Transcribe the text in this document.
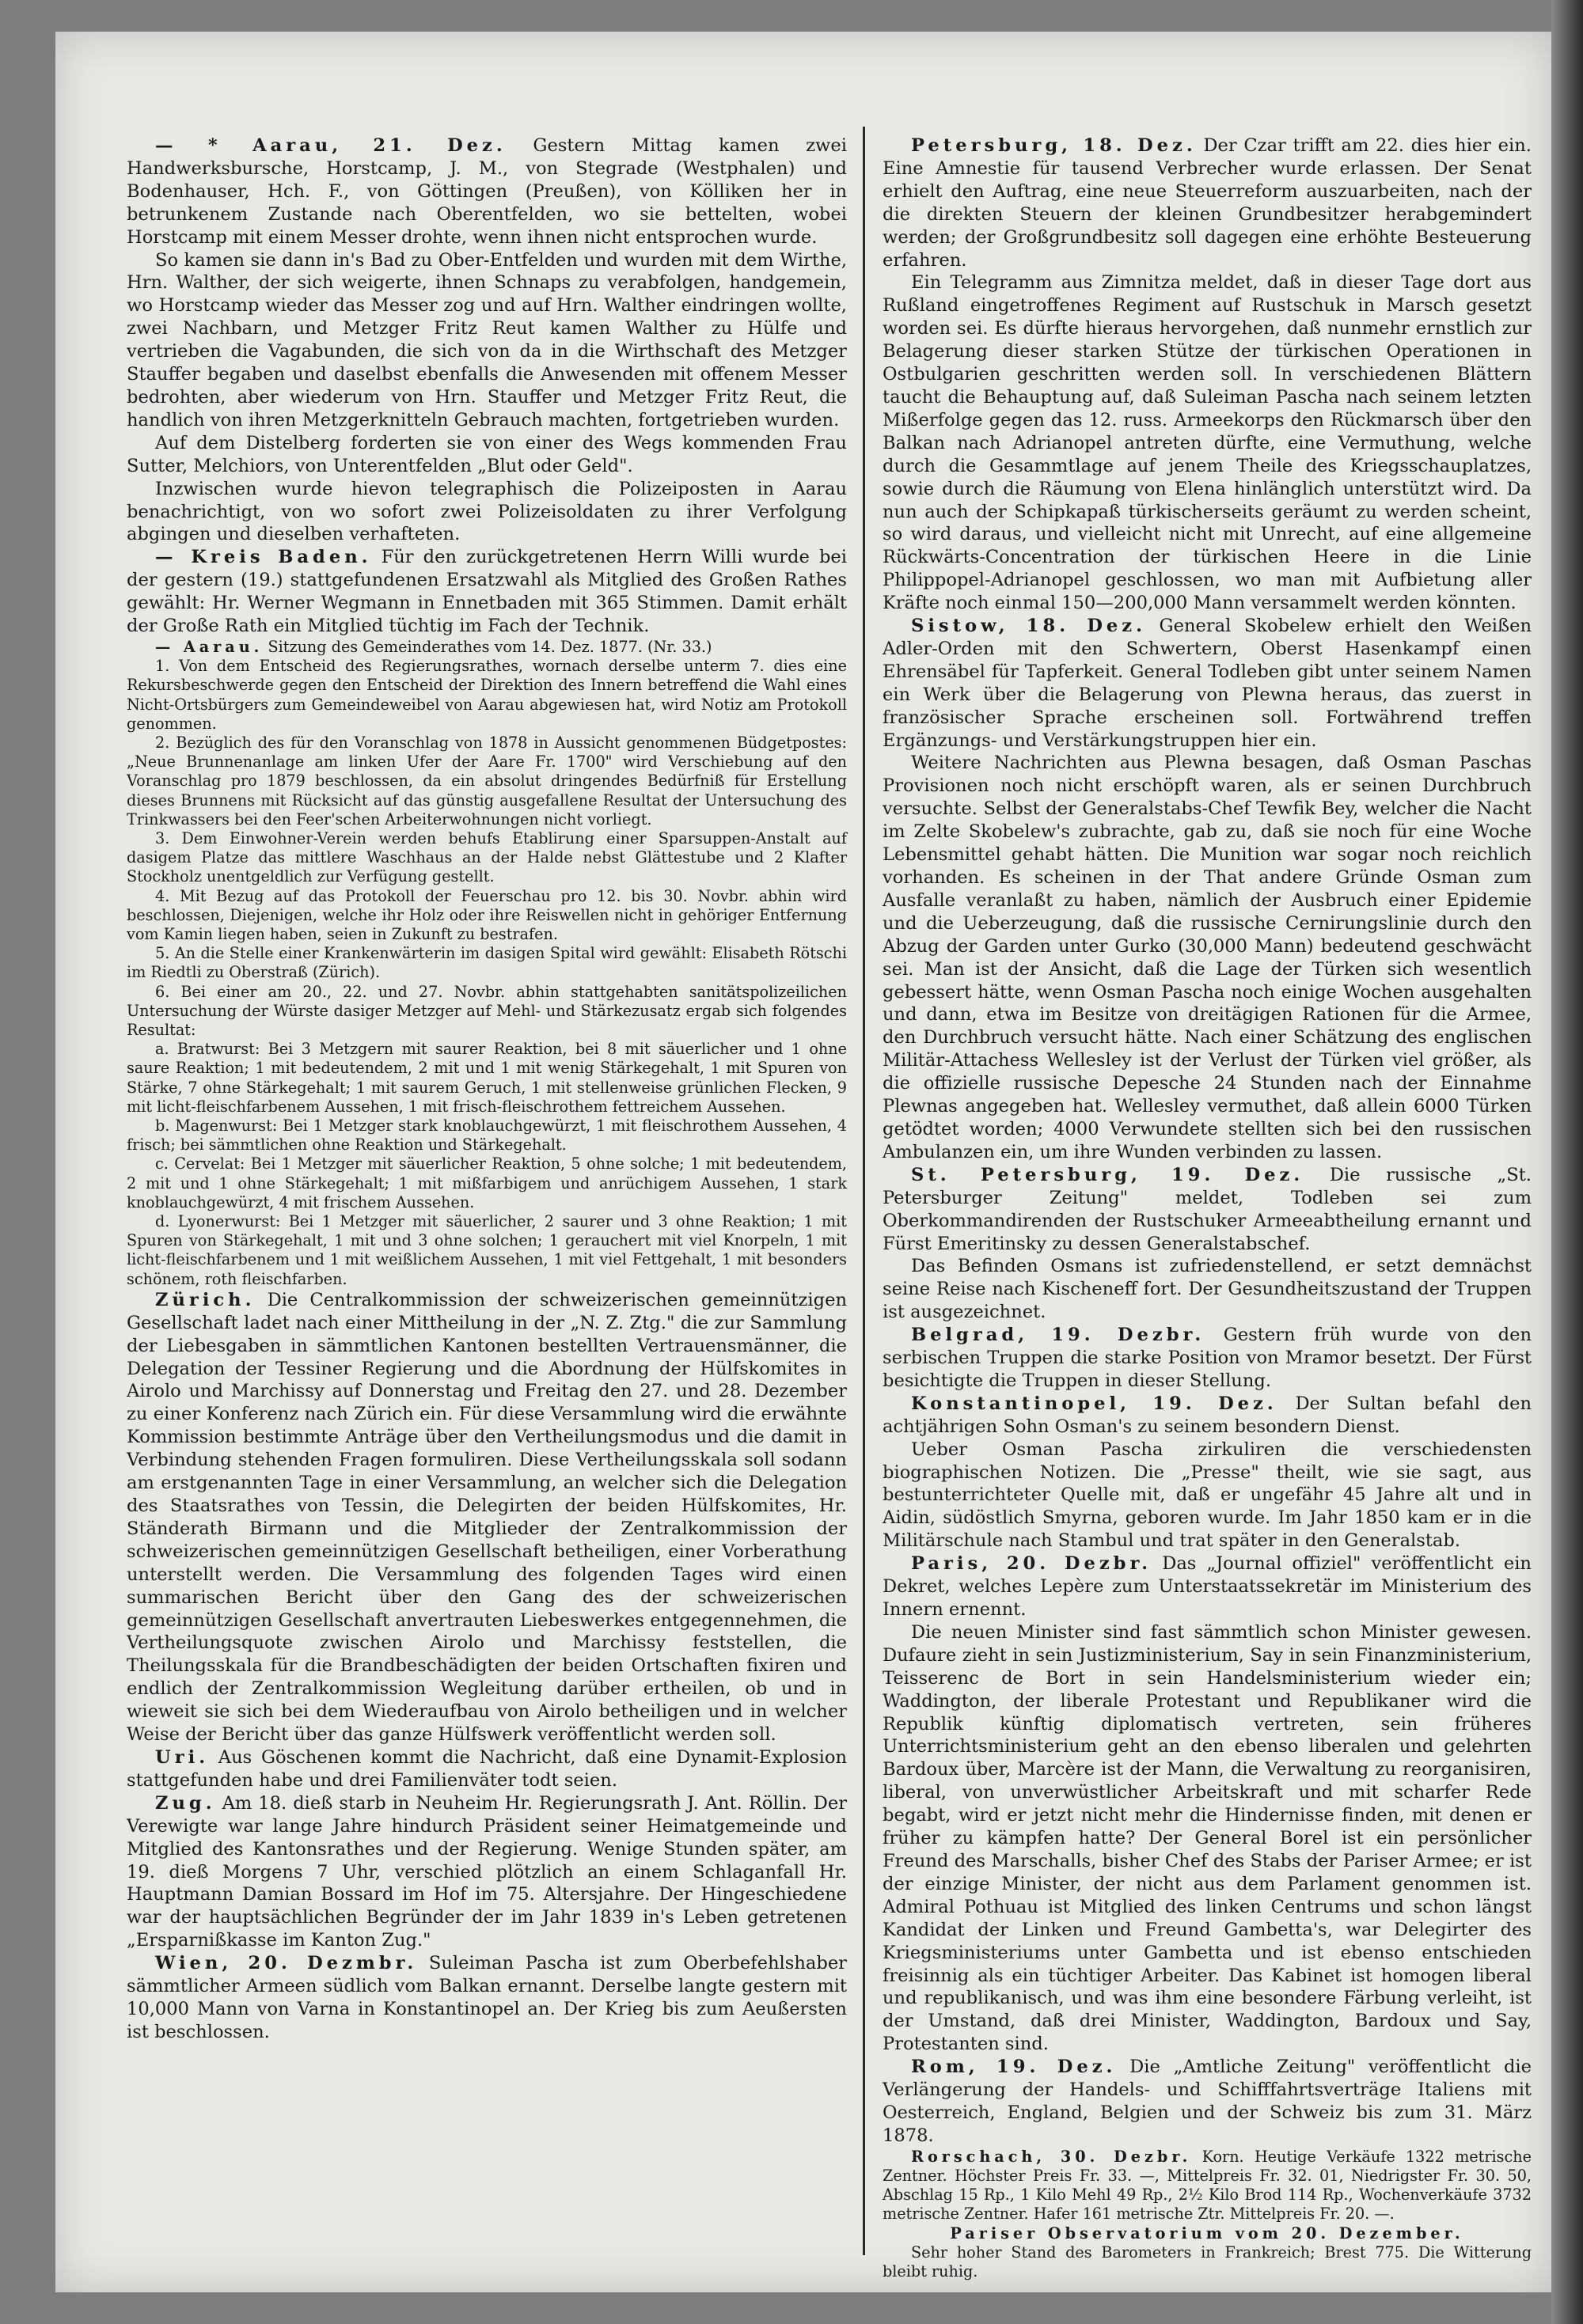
— * Aarau, 21. Dez. Gestern Mittag kamen zwei Handwerksbursche, Horstcamp, J. M., von Stegrade (Westphalen) und Bodenhauser, Hch. F., von Göttingen (Preußen), von Kölliken her in betrunkenem Zustande nach Oberentfelden, wo sie bettelten, wobei Horstcamp mit einem Messer drohte, wenn ihnen nicht entsprochen wurde.

So kamen sie dann in's Bad zu Ober-Entfelden und wurden mit dem Wirthe, Hrn. Walther, der sich weigerte, ihnen Schnaps zu verabfolgen, handgemein, wo Horstcamp wieder das Messer zog und auf Hrn. Walther eindringen wollte, zwei Nachbarn, und Metzger Fritz Reut kamen Walther zu Hülfe und vertrieben die Vagabunden, die sich von da in die Wirthschaft des Metzger Stauffer begaben und daselbst ebenfalls die Anwesenden mit offenem Messer bedrohten, aber wiederum von Hrn. Stauffer und Metzger Fritz Reut, die handlich von ihren Metzgerknitteln Gebrauch machten, fortgetrieben wurden.

Auf dem Distelberg forderten sie von einer des Wegs kommenden Frau Sutter, Melchiors, von Unterentfelden „Blut oder Geld".

Inzwischen wurde hievon telegraphisch die Polizeiposten in Aarau benachrichtigt, von wo sofort zwei Polizeisoldaten zu ihrer Verfolgung abgingen und dieselben verhafteten.

— Kreis Baden. Für den zurückgetretenen Herrn Willi wurde bei der gestern (19.) stattgefundenen Ersatzwahl als Mitglied des Großen Rathes gewählt: Hr. Werner Wegmann in Ennetbaden mit 365 Stimmen. Damit erhält der Große Rath ein Mitglied tüchtig im Fach der Technik.

— Aarau. Sitzung des Gemeinderathes vom 14. Dez. 1877. (Nr. 33.)

1. Von dem Entscheid des Regierungsrathes, wornach derselbe unterm 7. dies eine Rekursbeschwerde gegen den Entscheid der Direktion des Innern betreffend die Wahl eines Nicht-Ortsbürgers zum Gemeindeweibel von Aarau abgewiesen hat, wird Notiz am Protokoll genommen.

2. Bezüglich des für den Voranschlag von 1878 in Aussicht genommenen Büdgetpostes: „Neue Brunnenanlage am linken Ufer der Aare Fr. 1700" wird Verschiebung auf den Voranschlag pro 1879 beschlossen, da ein absolut dringendes Bedürfniß für Erstellung dieses Brunnens mit Rücksicht auf das günstig ausgefallene Resultat der Untersuchung des Trinkwassers bei den Feer'schen Arbeiterwohnungen nicht vorliegt.

3. Dem Einwohner-Verein werden behufs Etablirung einer Sparsuppen-Anstalt auf dasigem Platze das mittlere Waschhaus an der Halde nebst Glättestube und 2 Klafter Stockholz unentgeldlich zur Verfügung gestellt.

4. Mit Bezug auf das Protokoll der Feuerschau pro 12. bis 30. Novbr. abhin wird beschlossen, Diejenigen, welche ihr Holz oder ihre Reiswellen nicht in gehöriger Entfernung vom Kamin liegen haben, seien in Zukunft zu bestrafen.

5. An die Stelle einer Krankenwärterin im dasigen Spital wird gewählt: Elisabeth Rötschi im Riedtli zu Oberstraß (Zürich).

6. Bei einer am 20., 22. und 27. Novbr. abhin stattgehabten sanitätspolizeilichen Untersuchung der Würste dasiger Metzger auf Mehl- und Stärkezusatz ergab sich folgendes Resultat:

a. Bratwurst: Bei 3 Metzgern mit saurer Reaktion, bei 8 mit säuerlicher und 1 ohne saure Reaktion; 1 mit bedeutendem, 2 mit und 1 mit wenig Stärkegehalt, 1 mit Spuren von Stärke, 7 ohne Stärkegehalt; 1 mit saurem Geruch, 1 mit stellenweise grünlichen Flecken, 9 mit licht-fleischfarbenem Aussehen, 1 mit frisch-fleischrothem fettreichem Aussehen.

b. Magenwurst: Bei 1 Metzger stark knoblauchgewürzt, 1 mit fleischrothem Aussehen, 4 frisch; bei sämmtlichen ohne Reaktion und Stärkegehalt.

c. Cervelat: Bei 1 Metzger mit säuerlicher Reaktion, 5 ohne solche; 1 mit bedeutendem, 2 mit und 1 ohne Stärkegehalt; 1 mit mißfarbigem und anrüchigem Aussehen, 1 stark knoblauchgewürzt, 4 mit frischem Aussehen.

d. Lyonerwurst: Bei 1 Metzger mit säuerlicher, 2 saurer und 3 ohne Reaktion; 1 mit Spuren von Stärkegehalt, 1 mit und 3 ohne solchen; 1 gerauchert mit viel Knorpeln, 1 mit licht-fleischfarbenem und 1 mit weißlichem Aussehen, 1 mit viel Fettgehalt, 1 mit besonders schönem, roth fleischfarben.

Zürich. Die Centralkommission der schweizerischen gemeinnützigen Gesellschaft ladet nach einer Mittheilung in der „N. Z. Ztg." die zur Sammlung der Liebesgaben in sämmtlichen Kantonen bestellten Vertrauensmänner, die Delegation der Tessiner Regierung und die Abordnung der Hülfskomites in Airolo und Marchissy auf Donnerstag und Freitag den 27. und 28. Dezember zu einer Konferenz nach Zürich ein. Für diese Versammlung wird die erwähnte Kommission bestimmte Anträge über den Vertheilungsmodus und die damit in Verbindung stehenden Fragen formuliren. Diese Vertheilungsskala soll sodann am erstgenannten Tage in einer Versammlung, an welcher sich die Delegation des Staatsrathes von Tessin, die Delegirten der beiden Hülfskomites, Hr. Ständerath Birmann und die Mitglieder der Zentralkommission der schweizerischen gemeinnützigen Gesellschaft betheiligen, einer Vorberathung unterstellt werden. Die Versammlung des folgenden Tages wird einen summarischen Bericht über den Gang des der schweizerischen gemeinnützigen Gesellschaft anvertrauten Liebeswerkes entgegennehmen, die Vertheilungsquote zwischen Airolo und Marchissy feststellen, die Theilungsskala für die Brandbeschädigten der beiden Ortschaften fixiren und endlich der Zentralkommission Wegleitung darüber ertheilen, ob und in wieweit sie sich bei dem Wiederaufbau von Airolo betheiligen und in welcher Weise der Bericht über das ganze Hülfswerk veröffentlicht werden soll.

Uri. Aus Göschenen kommt die Nachricht, daß eine Dynamit-Explosion stattgefunden habe und drei Familienväter todt seien.

Zug. Am 18. dieß starb in Neuheim Hr. Regierungsrath J. Ant. Röllin. Der Verewigte war lange Jahre hindurch Präsident seiner Heimatgemeinde und Mitglied des Kantonsrathes und der Regierung. Wenige Stunden später, am 19. dieß Morgens 7 Uhr, verschied plötzlich an einem Schlaganfall Hr. Hauptmann Damian Bossard im Hof im 75. Altersjahre. Der Hingeschiedene war der hauptsächlichen Begründer der im Jahr 1839 in's Leben getretenen „Ersparnißkasse im Kanton Zug."

Wien, 20. Dezmbr. Suleiman Pascha ist zum Oberbefehlshaber sämmtlicher Armeen südlich vom Balkan ernannt. Derselbe langte gestern mit 10,000 Mann von Varna in Konstantinopel an. Der Krieg bis zum Aeußersten ist beschlossen.

Petersburg, 18. Dez. Der Czar trifft am 22. dies hier ein. Eine Amnestie für tausend Verbrecher wurde erlassen. Der Senat erhielt den Auftrag, eine neue Steuerreform auszuarbeiten, nach der die direkten Steuern der kleinen Grundbesitzer herabgemindert werden; der Großgrundbesitz soll dagegen eine erhöhte Besteuerung erfahren.

Ein Telegramm aus Zimnitza meldet, daß in dieser Tage dort aus Rußland eingetroffenes Regiment auf Rustschuk in Marsch gesetzt worden sei. Es dürfte hieraus hervorgehen, daß nunmehr ernstlich zur Belagerung dieser starken Stütze der türkischen Operationen in Ostbulgarien geschritten werden soll. In verschiedenen Blättern taucht die Behauptung auf, daß Suleiman Pascha nach seinem letzten Mißerfolge gegen das 12. russ. Armeekorps den Rückmarsch über den Balkan nach Adrianopel antreten dürfte, eine Vermuthung, welche durch die Gesammtlage auf jenem Theile des Kriegsschauplatzes, sowie durch die Räumung von Elena hinlänglich unterstützt wird. Da nun auch der Schipkapaß türkischerseits geräumt zu werden scheint, so wird daraus, und vielleicht nicht mit Unrecht, auf eine allgemeine Rückwärts-Concentration der türkischen Heere in die Linie Philippopel-Adrianopel geschlossen, wo man mit Aufbietung aller Kräfte noch einmal 150—200,000 Mann versammelt werden könnten.

Sistow, 18. Dez. General Skobelew erhielt den Weißen Adler-Orden mit den Schwertern, Oberst Hasenkampf einen Ehrensäbel für Tapferkeit. General Todleben gibt unter seinem Namen ein Werk über die Belagerung von Plewna heraus, das zuerst in französischer Sprache erscheinen soll. Fortwährend treffen Ergänzungs- und Verstärkungstruppen hier ein.

Weitere Nachrichten aus Plewna besagen, daß Osman Paschas Provisionen noch nicht erschöpft waren, als er seinen Durchbruch versuchte. Selbst der Generalstabs-Chef Tewfik Bey, welcher die Nacht im Zelte Skobelew's zubrachte, gab zu, daß sie noch für eine Woche Lebensmittel gehabt hätten. Die Munition war sogar noch reichlich vorhanden. Es scheinen in der That andere Gründe Osman zum Ausfalle veranlaßt zu haben, nämlich der Ausbruch einer Epidemie und die Ueberzeugung, daß die russische Cernirungslinie durch den Abzug der Garden unter Gurko (30,000 Mann) bedeutend geschwächt sei. Man ist der Ansicht, daß die Lage der Türken sich wesentlich gebessert hätte, wenn Osman Pascha noch einige Wochen ausgehalten und dann, etwa im Besitze von dreitägigen Rationen für die Armee, den Durchbruch versucht hätte. Nach einer Schätzung des englischen Militär-Attachess Wellesley ist der Verlust der Türken viel größer, als die offizielle russische Depesche 24 Stunden nach der Einnahme Plewnas angegeben hat. Wellesley vermuthet, daß allein 6000 Türken getödtet worden; 4000 Verwundete stellten sich bei den russischen Ambulanzen ein, um ihre Wunden verbinden zu lassen.

St. Petersburg, 19. Dez. Die russische „St. Petersburger Zeitung" meldet, Todleben sei zum Oberkommandirenden der Rustschuker Armeeabtheilung ernannt und Fürst Emeritinsky zu dessen Generalstabschef.

Das Befinden Osmans ist zufriedenstellend, er setzt demnächst seine Reise nach Kischeneff fort. Der Gesundheitszustand der Truppen ist ausgezeichnet.

Belgrad, 19. Dezbr. Gestern früh wurde von den serbischen Truppen die starke Position von Mramor besetzt. Der Fürst besichtigte die Truppen in dieser Stellung.

Konstantinopel, 19. Dez. Der Sultan befahl den achtjährigen Sohn Osman's zu seinem besondern Dienst.

Ueber Osman Pascha zirkuliren die verschiedensten biographischen Notizen. Die „Presse" theilt, wie sie sagt, aus bestunterrichteter Quelle mit, daß er ungefähr 45 Jahre alt und in Aidin, südöstlich Smyrna, geboren wurde. Im Jahr 1850 kam er in die Militärschule nach Stambul und trat später in den Generalstab.

Paris, 20. Dezbr. Das „Journal offiziel" veröffentlicht ein Dekret, welches Lepère zum Unterstaatssekretär im Ministerium des Innern ernennt.

Die neuen Minister sind fast sämmtlich schon Minister gewesen. Dufaure zieht in sein Justizministerium, Say in sein Finanzministerium, Teisserenc de Bort in sein Handelsministerium wieder ein; Waddington, der liberale Protestant und Republikaner wird die Republik künftig diplomatisch vertreten, sein früheres Unterrichtsministerium geht an den ebenso liberalen und gelehrten Bardoux über, Marcère ist der Mann, die Verwaltung zu reorganisiren, liberal, von unverwüstlicher Arbeitskraft und mit scharfer Rede begabt, wird er jetzt nicht mehr die Hindernisse finden, mit denen er früher zu kämpfen hatte? Der General Borel ist ein persönlicher Freund des Marschalls, bisher Chef des Stabs der Pariser Armee; er ist der einzige Minister, der nicht aus dem Parlament genommen ist. Admiral Pothuau ist Mitglied des linken Centrums und schon längst Kandidat der Linken und Freund Gambetta's, war Delegirter des Kriegsministeriums unter Gambetta und ist ebenso entschieden freisinnig als ein tüchtiger Arbeiter. Das Kabinet ist homogen liberal und republikanisch, und was ihm eine besondere Färbung verleiht, ist der Umstand, daß drei Minister, Waddington, Bardoux und Say, Protestanten sind.

Rom, 19. Dez. Die „Amtliche Zeitung" veröffentlicht die Verlängerung der Handels- und Schifffahrtsverträge Italiens mit Oesterreich, England, Belgien und der Schweiz bis zum 31. März 1878.

Rorschach, 30. Dezbr. Korn. Heutige Verkäufe 1322 metrische Zentner. Höchster Preis Fr. 33. —, Mittelpreis Fr. 32. 01, Niedrigster Fr. 30. 50, Abschlag 15 Rp., 1 Kilo Mehl 49 Rp., 2½ Kilo Brod 114 Rp., Wochenverkäufe 3732 metrische Zentner. Hafer 161 metrische Ztr. Mittelpreis Fr. 20. —.

Pariser Observatorium vom 20. Dezember.

Sehr hoher Stand des Barometers in Frankreich; Brest 775. Die Witterung bleibt ruhig.
